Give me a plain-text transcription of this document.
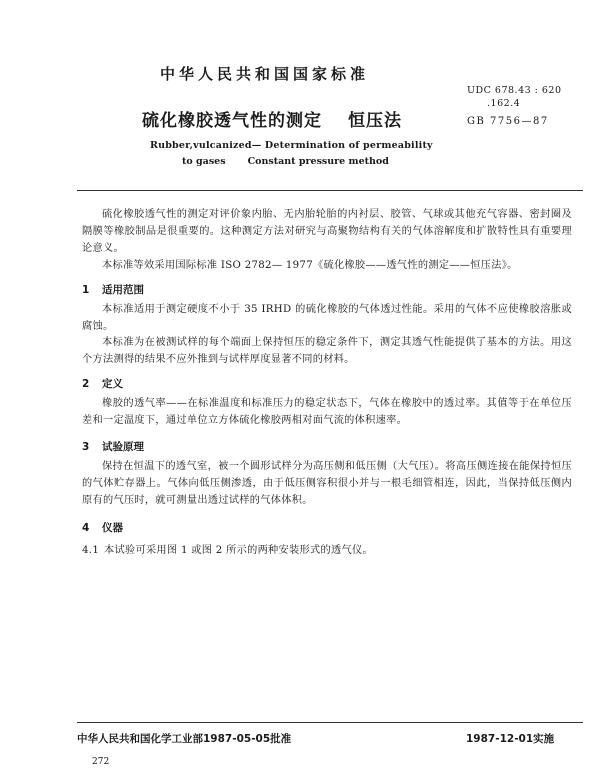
中华人民共和国国家标准
UDC 678.43 : 620
.162.4
硫化橡胶透气性的测定 恒压法	GB 7756—87
Rubber,vulcanized— Determination of permeability
to gases Constant pressure method
硫化橡胶透气性的测定对评价象内胎、无内胎轮胎的内衬层、胶管、气球或其他充气容器、密封圈及隔膜等橡胶制品是很重要的。这种测定方法对研究与高聚物结构有关的气体溶解度和扩散特性具有重要理论意义。
本标准等效采用国际标准 ISO 2782— 1977《硫化橡胶——透气性的测定——恒压法》。
1 适用范围
本标准适用于测定硬度不小于 35 IRHD 的硫化橡胶的气体透过性能。采用的气体不应使橡胶溶胀或腐蚀。
本标准为在被测试样的每个端面上保持恒压的稳定条件下，测定其透气性能提供了基本的方法。用这个方法测得的结果不应外推到与试样厚度显著不同的材料。
2 定义
橡胶的透气率——在标准温度和标准压力的稳定状态下，气体在橡胶中的透过率。其值等于在单位压差和一定温度下，通过单位立方体硫化橡胶两相对面气流的体积速率。
3 试验原理
保持在恒温下的透气室，被一个圆形试样分为高压侧和低压侧（大气压）。将高压侧连接在能保持恒压的气体贮存器上。气体向低压侧渗透，由于低压侧容积很小并与一根毛细管相连，因此，当保持低压侧内原有的气压时，就可测量出透过试样的气体体积。
4 仪器
4.1 本试验可采用图 1 或图 2 所示的两种安装形式的透气仪。
中华人民共和国化学工业部1987-05-05批准	1987-12-01实施
272
